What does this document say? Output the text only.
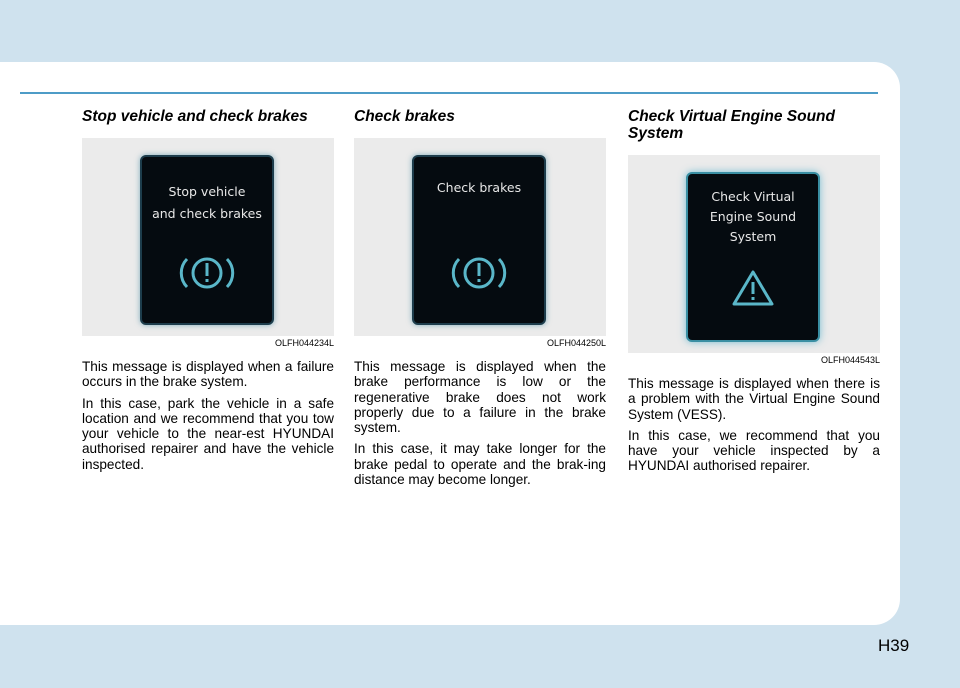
Stop vehicle and check brakes
Stop vehicle
and check brakes
OLFH044234L

This message is displayed when a failure occurs in the brake system.

In this case, park the vehicle in a safe location and we recommend that you tow your vehicle to the near-est HYUNDAI authorised repairer and have the vehicle inspected.

Check brakes
Check brakes
OLFH044250L

This message is displayed when the brake performance is low or the regenerative brake does not work properly due to a failure in the brake system.

In this case, it may take longer for the brake pedal to operate and the brak-ing distance may become longer.

Check Virtual Engine Sound System
Check Virtual
Engine Sound
System
OLFH044543L

This message is displayed when there is a problem with the Virtual Engine Sound System (VESS).

In this case, we recommend that you have your vehicle inspected by a HYUNDAI authorised repairer.

H39
